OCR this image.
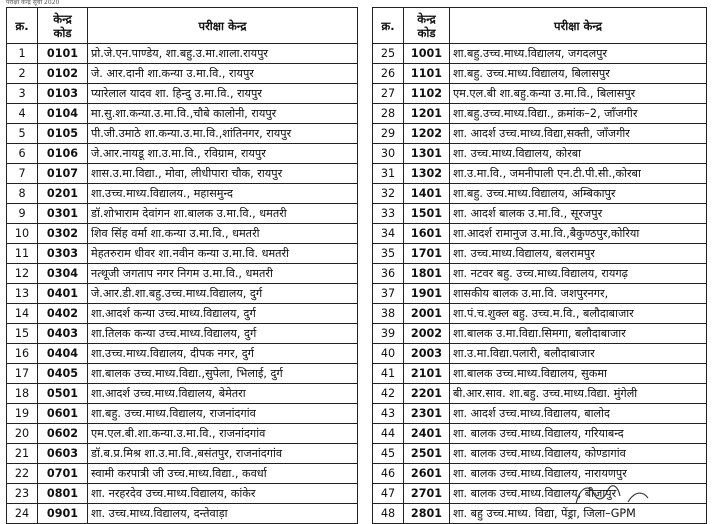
परीक्षा केन्द्र सूची 2020
क्र.	केन्द्र
कोड	परीक्षा केन्द्र
1	0101	प्रो.जे.एन.पाण्डेय, शा.बहु.उ.मा.शाला.रायपुर
2	0102	जे. आर.दानी शा.कन्या उ.मा.वि., रायपुर
3	0103	प्यारेलाल यादव शा. हिन्दु उ.मा.वि., रायपुर
4	0104	मा.सु.शा.कन्या.उ.मा.वि.,चौबे कालोनी, रायपुर
5	0105	पी.जी.उमाठे शा.कन्या.उ.मा.वि.,शांतिनगर, रायपुर
6	0106	जे.आर.नायडू शा.उ.मा.वि., रविग्राम, रायपुर
7	0107	शास.उ.मा.विद्या., मोवा, लीधीपारा चौक, रायपुर
8	0201	शा.उच्च.माध्य.विद्यालय., महासमुन्द
9	0301	डॉ.शोभाराम देवांगन शा.बालक उ.मा.वि., धमतरी
10	0302	शिव सिंह वर्मा शा.कन्या उ.मा.वि., धमतरी
11	0303	मेहतरुराम धीवर शा.नवीन कन्या उ.मा.वि. धमतरी
12	0304	नत्थूजी जगताप नगर निगम उ.मा.वि., धमतरी
13	0401	जे.आर.डी.शा.बहु.उच्च.माध्य.विद्यालय, दुर्ग
14	0402	शा.आदर्श कन्या उच्च.माध्य.विद्यालय, दुर्ग
15	0403	शा.तिलक कन्या उच्च.माध्य.विद्यालय, दुर्ग
16	0404	शा.उच्च.माध्य.विद्यालय, दीपक नगर, दुर्ग
17	0405	शा.बालक उच्च.माध्य.विद्या.,सुपेला, भिलाई, दुर्ग
18	0501	शा.आदर्श उच्च.माध्य.विद्यालय, बेमेतरा
19	0601	शा.बहु. उच्च.माध्य.विद्यालय, राजनांदगांव
20	0602	एम.एल.बी.शा.कन्या.उ.मा.वि., राजनांदगांव
21	0603	डॉ.ब.प्र.मिश्र शा.उ.मा.वि.,बसंतपुर, राजनांदगांव
22	0701	स्वामी करपात्री जी उच्च.माध्य.विद्या., कवर्धा
23	0801	शा. नरहरदेव उच्च.माध्य.विद्यालय, कांकेर
24	0901	शा. उच्च.माध्य.विद्यालय, दन्तेवाड़ा
क्र.	केन्द्र
कोड	परीक्षा केन्द्र
25	1001	शा.बहु.उच्च.माध्य.विद्यालय, जगदलपुर
26	1101	शा.बहु. उच्च.माध्य.विद्यालय, बिलासपुर
27	1102	एम.एल.बी शा.बहु.कन्या उ.मा.वि., बिलासपुर
28	1201	शा.बहु.उच्च.माध्य.विद्या., क्रमांक–2, जाँजगीर
29	1202	शा. आदर्श उच्च.माध्य.विद्या,सक्ती, जाँजगीर
30	1301	शा. उच्च.माध्य.विद्यालय, कोरबा
31	1302	शा.उ.मा.वि., जमनीपाली एन.टी.पी.सी.,कोरबा
32	1401	शा.बहु. उच्च.माध्य.विद्यालय, अम्बिकापुर
33	1501	शा. आदर्श बालक उ.मा.वि., सूरजपुर
34	1601	शा.आदर्श रामानुज उ.मा.वि.,बैकुण्ठपुर,कोरिया
35	1701	शा. उच्च.माध्य.विद्यालय, बलरामपुर
36	1801	शा. नटवर बहु. उच्च.माध्य.विद्यालय, रायगढ़
37	1901	शासकीय बालक उ.मा.वि. जशपुरनगर,
38	2001	शा.पं.च.शुक्ल बहु. उच्च.म.वि., बलौदाबाजार
39	2002	शा.बालक उ.मा.विद्या.सिमगा, बलौदाबाजार
40	2003	शा.उ.मा.विद्या.पलारी, बलौदाबाजार
41	2101	शा.बालक उच्च.माध्य.विद्यालय, सुकमा
42	2201	बी.आर.साव. शा.बहु. उच्च.माध्य.विद्या. मुंगेली
43	2301	शा. आदर्श उच्च.माध्य.विद्यालय, बालोद
44	2401	शा. बालक उच्च.माध्य.विद्यालय, गरियाबन्द
45	2501	शा. बालक उच्च.माध्य.विद्यालय, कोण्डागांव
46	2601	शा. बालक उच्च.माध्य.विद्यालय, नारायणपुर
47	2701	शा. बालक उच्च.माध्य.विद्यालय, बीजापुर
48	2801	शा. बहु उच्च.माध्य. विद्या, पेंड्रा, जिला–GPM
